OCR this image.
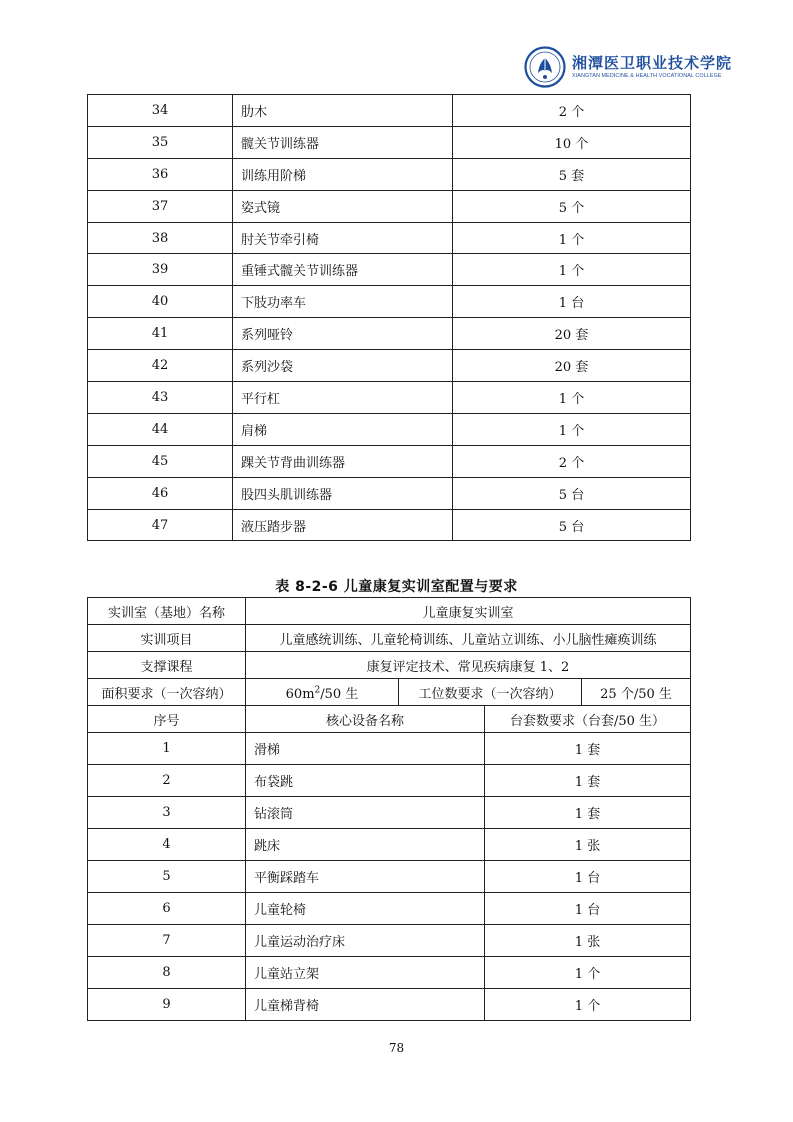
湘潭医卫职业技术学院
XIANGTAN MEDICINE & HEALTH VOCATIONAL COLLEGE
34	肋木	2 个
35	髋关节训练器	10 个
36	训练用阶梯	5 套
37	姿式镜	5 个
38	肘关节牵引椅	1 个
39	重锤式髋关节训练器	1 个
40	下肢功率车	1 台
41	系列哑铃	20 套
42	系列沙袋	20 套
43	平行杠	1 个
44	肩梯	1 个
45	踝关节背曲训练器	2 个
46	股四头肌训练器	5 台
47	液压踏步器	5 台
表 8-2-6 儿童康复实训室配置与要求
实训室（基地）名称	儿童康复实训室			
实训项目	儿童感统训练、儿童轮椅训练、儿童站立训练、小儿脑性瘫痪训练			
支撑课程	康复评定技术、常见疾病康复 1、2			
面积要求（一次容纳）	$60m^2/50$ 生	工位数要求（一次容纳）		25 个/50 生
序号	核心设备名称		台套数要求（台套/50 生）	
1	滑梯		1 套	
2	布袋跳		1 套	
3	钻滚筒		1 套	
4	跳床		1 张	
5	平衡踩踏车		1 台	
6	儿童轮椅		1 台	
7	儿童运动治疗床		1 张	
8	儿童站立架		1 个	
9	儿童梯背椅		1 个	
78
